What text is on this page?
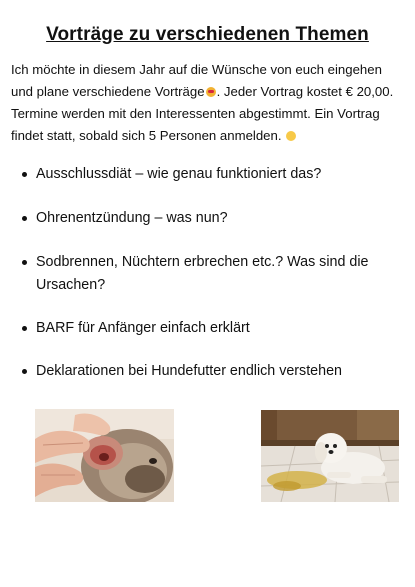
Vorträge zu verschiedenen Themen
Ich möchte in diesem Jahr auf die Wünsche von euch eingehen und plane verschiedene Vorträge . Jeder Vortrag kostet € 20,00. Termine werden mit den Interessenten abgestimmt. Ein Vortrag findet statt, sobald sich 5 Personen anmelden.
Ausschlussdiät – wie genau funktioniert das?
Ohrenentzündung – was nun?
Sodbrennen, Nüchtern erbrechen etc.? Was sind die Ursachen?
BARF für Anfänger einfach erklärt
Deklarationen bei Hundefutter endlich verstehen
